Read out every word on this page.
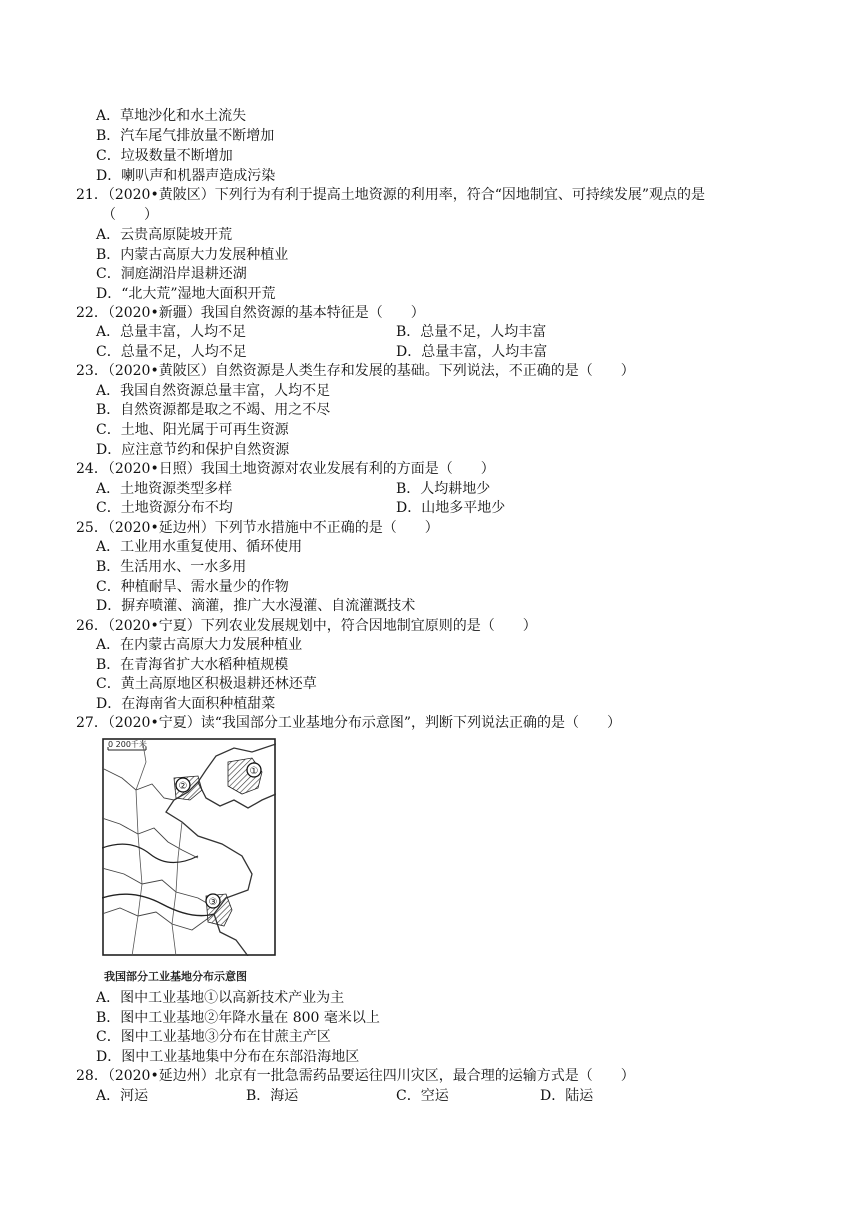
A．草地沙化和水土流失
B．汽车尾气排放量不断增加
C．垃圾数量不断增加
D．喇叭声和机器声造成污染
21．（2020•黄陂区）下列行为有利于提高土地资源的利用率，符合“因地制宜、可持续发展”观点的是
（　　）
A．云贵高原陡坡开荒
B．内蒙古高原大力发展种植业
C．洞庭湖沿岸退耕还湖
D．“北大荒”湿地大面积开荒
22．（2020•新疆）我国自然资源的基本特征是（　　）
A．总量丰富，人均不足	B．总量不足，人均丰富
C．总量不足，人均不足	D．总量丰富，人均丰富
23．（2020•黄陂区）自然资源是人类生存和发展的基础。下列说法，不正确的是（　　）
A．我国自然资源总量丰富，人均不足
B．自然资源都是取之不竭、用之不尽
C．土地、阳光属于可再生资源
D．应注意节约和保护自然资源
24．（2020•日照）我国土地资源对农业发展有利的方面是（　　）
A．土地资源类型多样	B．人均耕地少
C．土地资源分布不均	D．山地多平地少
25．（2020•延边州）下列节水措施中不正确的是（　　）
A．工业用水重复使用、循环使用
B．生活用水、一水多用
C．种植耐旱、需水量少的作物
D．摒弃喷灌、滴灌，推广大水漫灌、自流灌溉技术
26．（2020•宁夏）下列农业发展规划中，符合因地制宜原则的是（　　）
A．在内蒙古高原大力发展种植业
B．在青海省扩大水稻种植规模
C．黄土高原地区积极退耕还林还草
D．在海南省大面积种植甜菜
27．（2020•宁夏）读“我国部分工业基地分布示意图”，判断下列说法正确的是（　　）
0 200千米
①
②
③
我国部分工业基地分布示意图
A．图中工业基地①以高新技术产业为主
B．图中工业基地②年降水量在 800 毫米以上
C．图中工业基地③分布在甘蔗主产区
D．图中工业基地集中分布在东部沿海地区
28．（2020•延边州）北京有一批急需药品要运往四川灾区，最合理的运输方式是（　　）
A．河运	B．海运	C．空运	D．陆运
